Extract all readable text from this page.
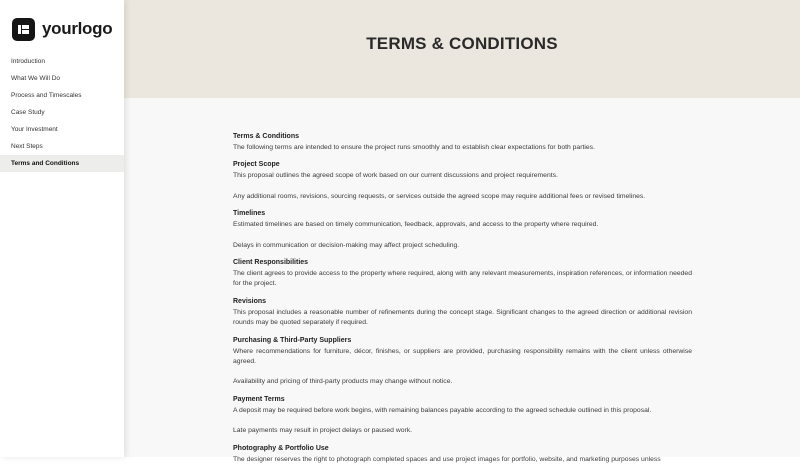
yourlogo
Introduction
What We Will Do
Process and Timescales
Case Study
Your Investment
Next Steps
Terms and Conditions
TERMS & CONDITIONS
Terms & Conditions

The following terms are intended to ensure the project runs smoothly and to establish clear expectations for both parties.

Project Scope

This proposal outlines the agreed scope of work based on our current discussions and project requirements.

Any additional rooms, revisions, sourcing requests, or services outside the agreed scope may require additional fees or revised timelines.

Timelines

Estimated timelines are based on timely communication, feedback, approvals, and access to the property where required.

Delays in communication or decision-making may affect project scheduling.

Client Responsibilities

The client agrees to provide access to the property where required, along with any relevant measurements, inspiration references, or information needed for the project.

Revisions

This proposal includes a reasonable number of refinements during the concept stage. Significant changes to the agreed direction or additional revision rounds may be quoted separately if required.

Purchasing & Third-Party Suppliers

Where recommendations for furniture, décor, finishes, or suppliers are provided, purchasing responsibility remains with the client unless otherwise agreed.

Availability and pricing of third-party products may change without notice.

Payment Terms

A deposit may be required before work begins, with remaining balances payable according to the agreed schedule outlined in this proposal.

Late payments may result in project delays or paused work.

Photography & Portfolio Use

The designer reserves the right to photograph completed spaces and use project images for portfolio, website, and marketing purposes unless
